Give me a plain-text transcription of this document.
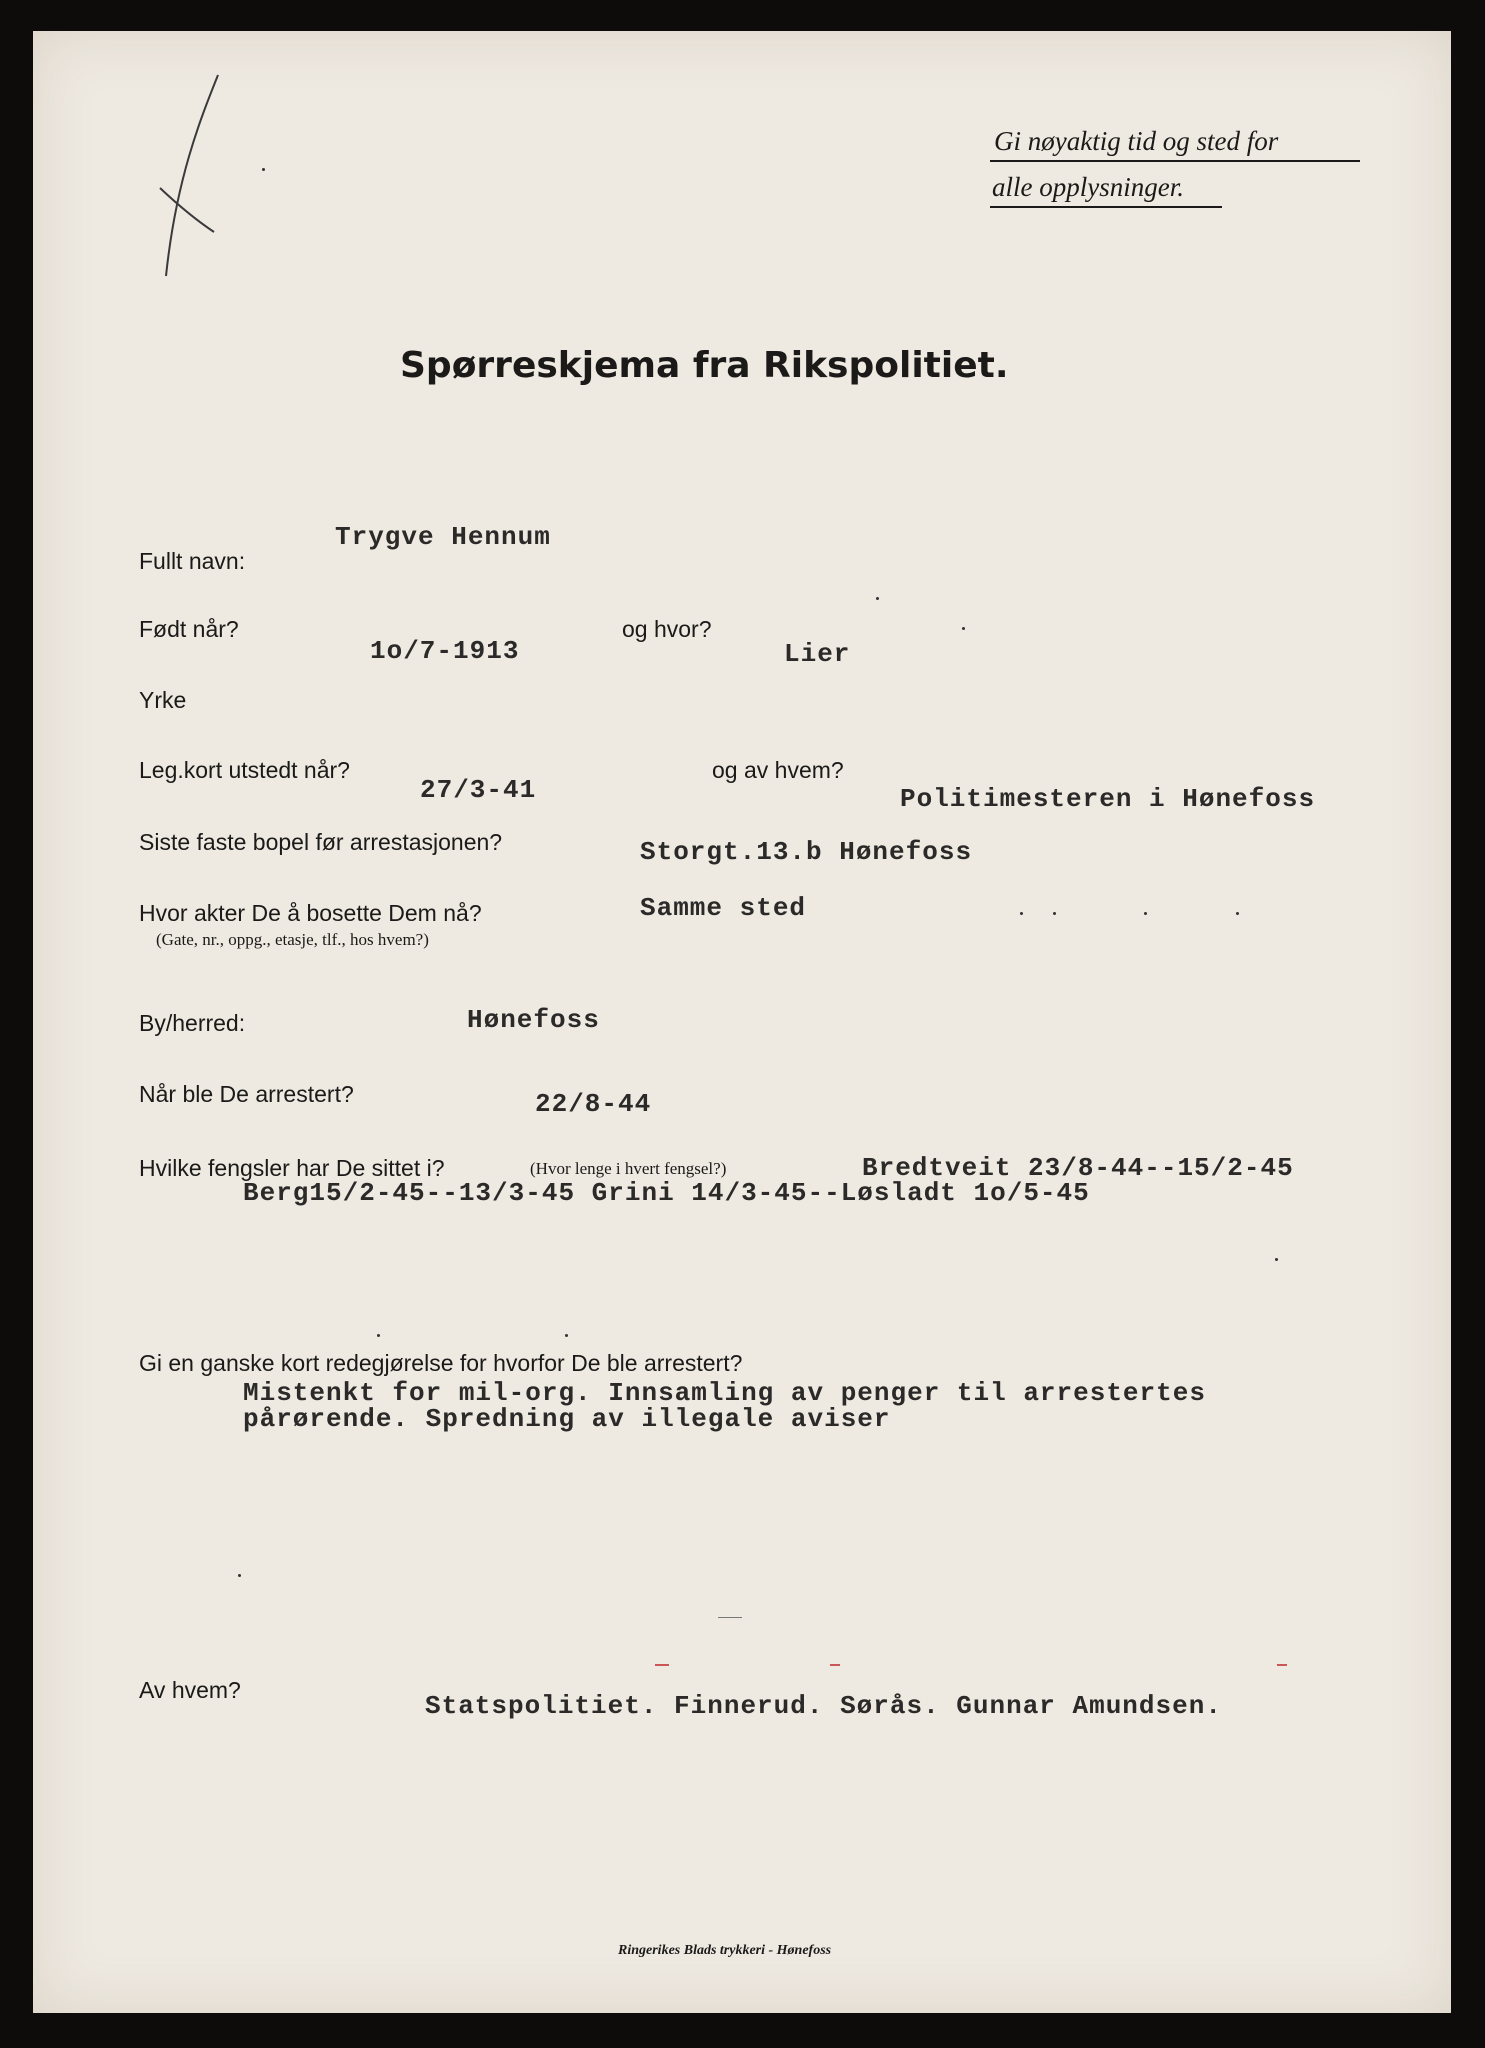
Gi nøyaktig tid og sted for
alle opplysninger.
Spørreskjema fra Rikspolitiet.
Fullt navn:
Trygve Hennum
Født når?
1o/7-1913
og hvor?
Lier
Yrke
Leg.kort utstedt når?
27/3-41
og av hvem?
Politimesteren i Hønefoss
Siste faste bopel før arrestasjonen?	Storgt.13.b Hønefoss
Hvor akter De å bosette Dem nå?
(Gate, nr., oppg., etasje, tlf., hos hvem?)
Samme sted
By/herred:	Hønefoss
Når ble De arrestert?	22/8-44
Hvilke fengsler har De sittet i?	(Hvor lenge i hvert fengsel?)	Bredtveit 23/8-44--15/2-45
Berg15/2-45--13/3-45 Grini 14/3-45--Løsladt 1o/5-45
Gi en ganske kort redegjørelse for hvorfor De ble arrestert?
Mistenkt for mil-org. Innsamling av penger til arrestertes
pårørende. Spredning av illegale aviser
Av hvem?
Statspolitiet. Finnerud. Sørås. Gunnar Amundsen.
Ringerikes Blads trykkeri - Hønefoss
